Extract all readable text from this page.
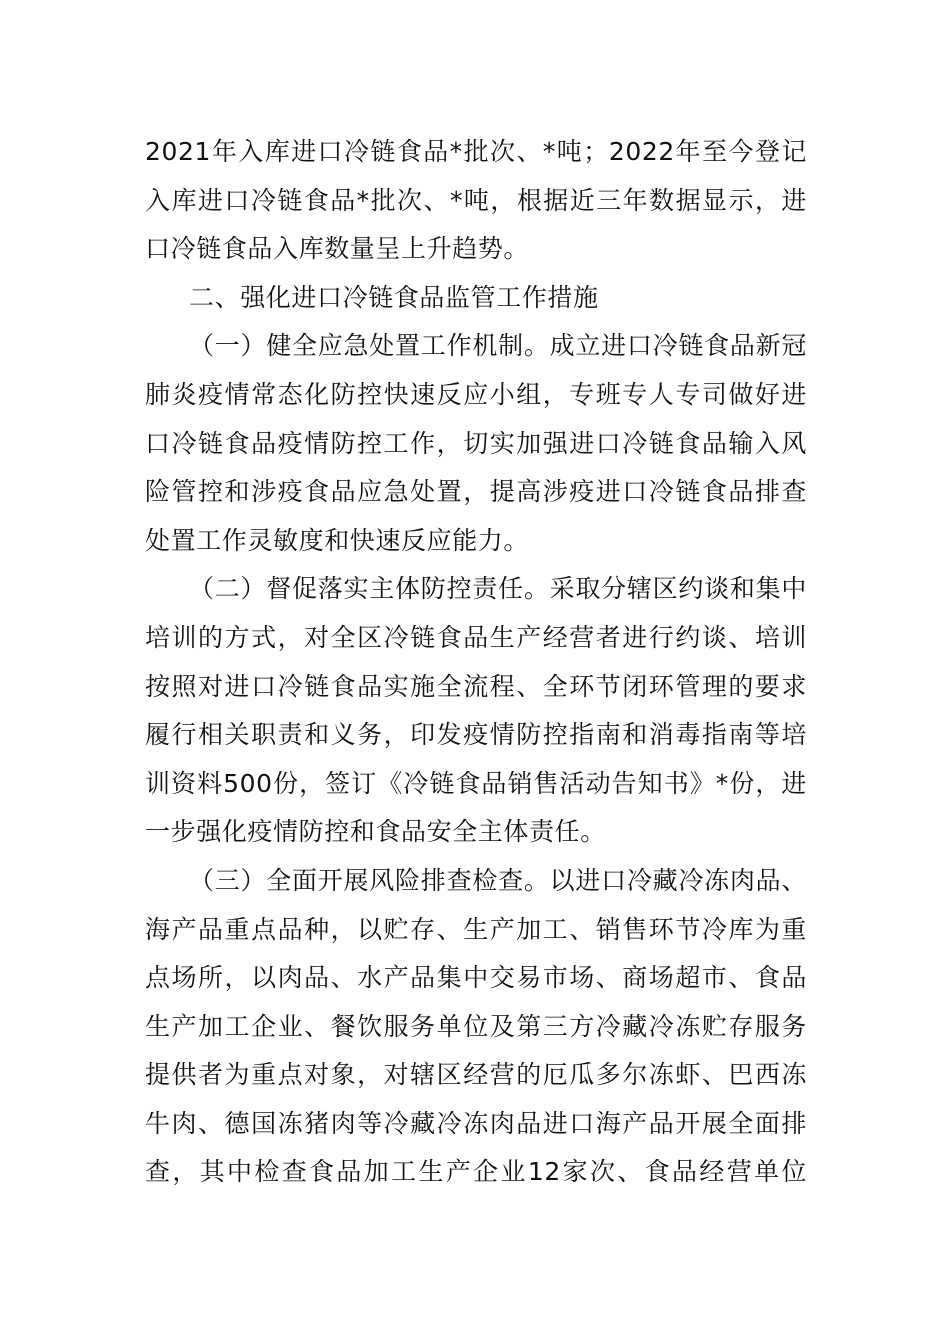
2021年入库进口冷链食品*批次、*吨；2022年至今登记
入库进口冷链食品*批次、*吨，根据近三年数据显示，进
口冷链食品入库数量呈上升趋势。
二、强化进口冷链食品监管工作措施
（一）健全应急处置工作机制。成立进口冷链食品新冠
肺炎疫情常态化防控快速反应小组，专班专人专司做好进
口冷链食品疫情防控工作，切实加强进口冷链食品输入风
险管控和涉疫食品应急处置，提高涉疫进口冷链食品排查
处置工作灵敏度和快速反应能力。
（二）督促落实主体防控责任。采取分辖区约谈和集中
培训的方式，对全区冷链食品生产经营者进行约谈、培训
按照对进口冷链食品实施全流程、全环节闭环管理的要求
履行相关职责和义务，印发疫情防控指南和消毒指南等培
训资料500份，签订《冷链食品销售活动告知书》*份，进
一步强化疫情防控和食品安全主体责任。
（三）全面开展风险排查检查。以进口冷藏冷冻肉品、
海产品重点品种，以贮存、生产加工、销售环节冷库为重
点场所，以肉品、水产品集中交易市场、商场超市、食品
生产加工企业、餐饮服务单位及第三方冷藏冷冻贮存服务
提供者为重点对象，对辖区经营的厄瓜多尔冻虾、巴西冻
牛肉、德国冻猪肉等冷藏冷冻肉品进口海产品开展全面排
查，其中检查食品加工生产企业12家次、食品经营单位
